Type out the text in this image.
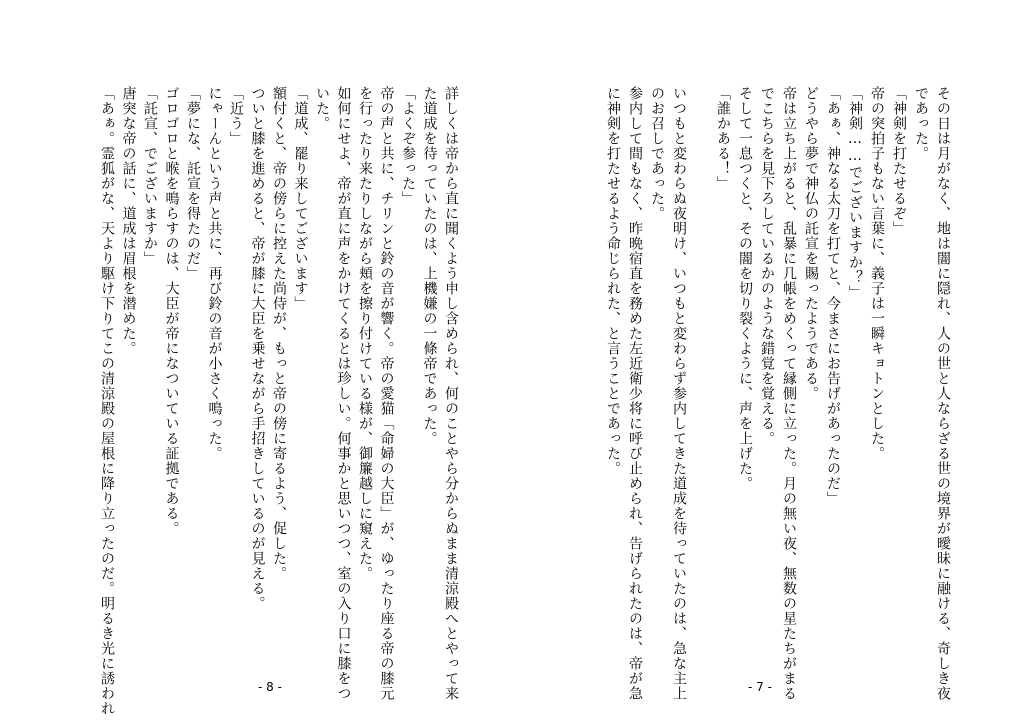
詳しくは帝から直に聞くよう申し含められ、何のことやら分からぬまま清涼殿へとやって来
た道成を待っていたのは、上機嫌の一條帝であった。
「よくぞ参った」
帝の声と共に、チリンと鈴の音が響く。帝の愛猫「命婦の大臣」が、ゆったり座る帝の膝元
を行ったり来たりしながら頬を擦り付けている様が、御簾越しに窺えた。
如何にせよ、帝が直に声をかけてくるとは珍しい。何事かと思いつつ、室の入り口に膝をつ
いた。
「道成、罷り来してございます」
額付くと、帝の傍らに控えた尚侍が、もっと帝の傍に寄るよう、促した。
ついと膝を進めると、帝が膝に大臣を乗せながら手招きしているのが見える。
「近う」
にゃーんという声と共に、再び鈴の音が小さく鳴った。
「夢にな、託宣を得たのだ」
ゴロゴロと喉を鳴らすのは、大臣が帝になついている証拠である。
「託宣、でございますか」
唐突な帝の話に、道成は眉根を潜めた。
「あぁ。霊狐がな、天より駆け下りてこの清涼殿の屋根に降り立ったのだ。明るき光に誘われ	- 8 -	その日は月がなく、地は闇に隠れ、人の世と人ならざる世の境界が曖昧に融ける、奇しき夜
であった。
「神剣を打たせるぞ」
帝の突拍子もない言葉に、義子は一瞬キョトンとした。
「神剣……でございますか？」
「あぁ、神なる太刀を打てと、今まさにお告げがあったのだ」
どうやら夢で神仏の託宣を賜ったようである。
帝は立ち上がると、乱暴に几帳をめくって縁側に立った。月の無い夜、無数の星たちがまる
でこちらを見下ろしているかのような錯覚を覚える。
そして一息つくと、その闇を切り裂くように、声を上げた。
「誰かある！」
いつもと変わらぬ夜明け、いつもと変わらず参内してきた道成を待っていたのは、急な主上
のお召しであった。
参内して間もなく、昨晩宿直を務めた左近衛少将に呼び止められ、告げられたのは、帝が急
に神剣を打たせるよう命じられた、と言うことであった。
- 7 -
